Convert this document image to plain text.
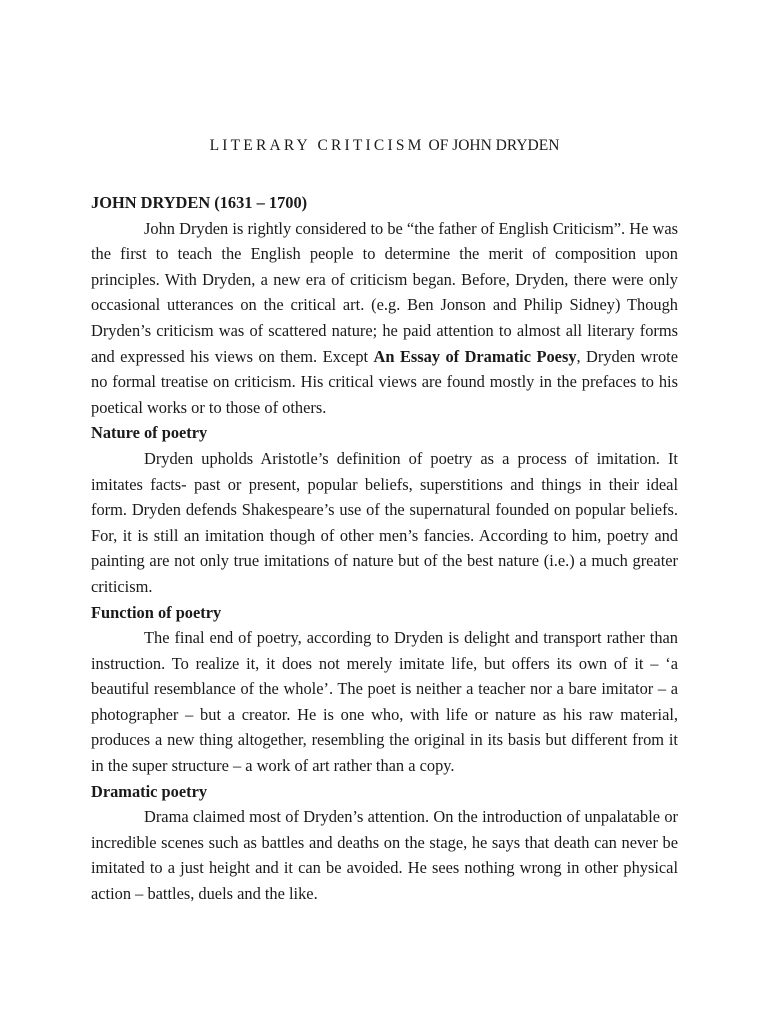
LITERARY CRITICISM OF JOHN DRYDEN

JOHN DRYDEN (1631 – 1700)

John Dryden is rightly considered to be “the father of English Criticism”. He was the first to teach the English people to determine the merit of composition upon principles. With Dryden, a new era of criticism began. Before, Dryden, there were only occasional utterances on the critical art. (e.g. Ben Jonson and Philip Sidney) Though Dryden’s criticism was of scattered nature; he paid attention to almost all literary forms and expressed his views on them. Except An Essay of Dramatic Poesy, Dryden wrote no formal treatise on criticism. His critical views are found mostly in the prefaces to his poetical works or to those of others.

Nature of poetry

Dryden upholds Aristotle’s definition of poetry as a process of imitation. It imitates facts- past or present, popular beliefs, superstitions and things in their ideal form. Dryden defends Shakespeare’s use of the supernatural founded on popular beliefs. For, it is still an imitation though of other men’s fancies. According to him, poetry and painting are not only true imitations of nature but of the best nature (i.e.) a much greater criticism.

Function of poetry

The final end of poetry, according to Dryden is delight and transport rather than instruction. To realize it, it does not merely imitate life, but offers its own of it – ‘a beautiful resemblance of the whole’. The poet is neither a teacher nor a bare imitator – a photographer – but a creator. He is one who, with life or nature as his raw material, produces a new thing altogether, resembling the original in its basis but different from it in the super structure – a work of art rather than a copy.

Dramatic poetry

Drama claimed most of Dryden’s attention. On the introduction of unpalatable or incredible scenes such as battles and deaths on the stage, he says that death can never be imitated to a just height and it can be avoided. He sees nothing wrong in other physical action – battles, duels and the like.
